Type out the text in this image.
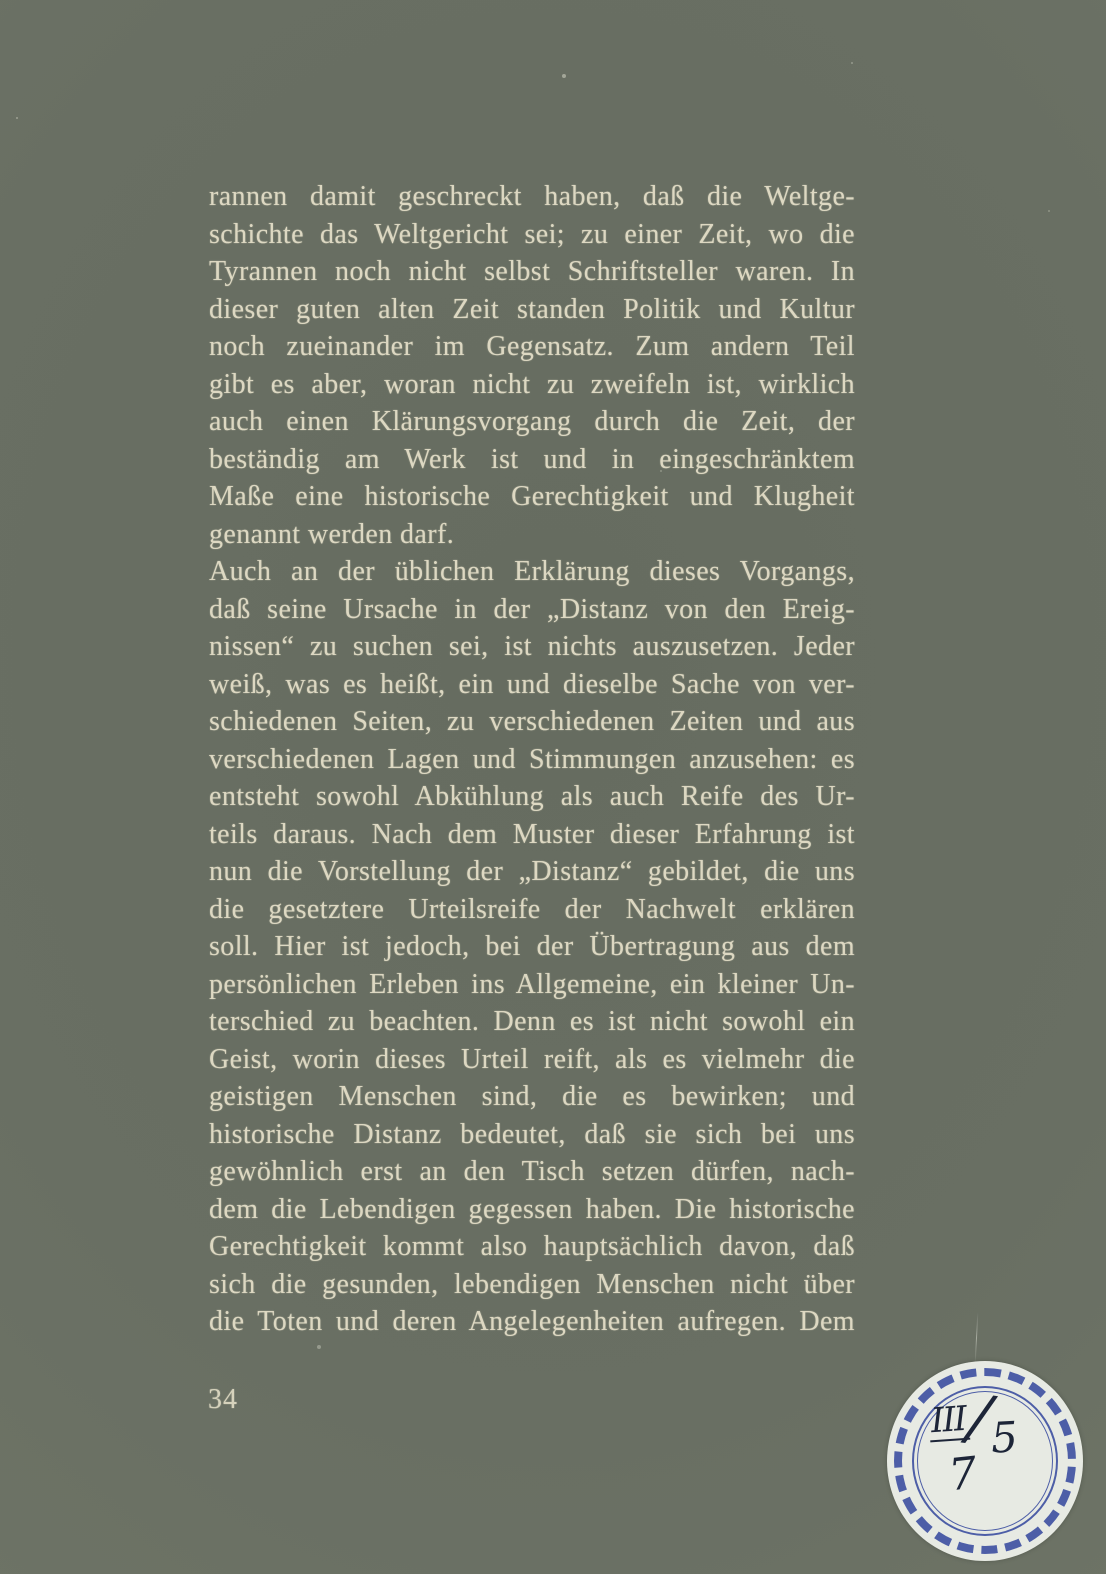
rannen damit geschreckt haben, daß die Weltge-
schichte das Weltgericht sei; zu einer Zeit, wo die
Tyrannen noch nicht selbst Schriftsteller waren. In
dieser guten alten Zeit standen Politik und Kultur
noch zueinander im Gegensatz. Zum andern Teil
gibt es aber, woran nicht zu zweifeln ist, wirklich
auch einen Klärungsvorgang durch die Zeit, der
beständig am Werk ist und in eingeschränktem
Maße eine historische Gerechtigkeit und Klugheit
genannt werden darf.
Auch an der üblichen Erklärung dieses Vorgangs,
daß seine Ursache in der „Distanz von den Ereig-
nissen“ zu suchen sei, ist nichts auszusetzen. Jeder
weiß, was es heißt, ein und dieselbe Sache von ver-
schiedenen Seiten, zu verschiedenen Zeiten und aus
verschiedenen Lagen und Stimmungen anzusehen: es
entsteht sowohl Abkühlung als auch Reife des Ur-
teils daraus. Nach dem Muster dieser Erfahrung ist
nun die Vorstellung der „Distanz“ gebildet, die uns
die gesetztere Urteilsreife der Nachwelt erklären
soll. Hier ist jedoch, bei der Übertragung aus dem
persönlichen Erleben ins Allgemeine, ein kleiner Un-
terschied zu beachten. Denn es ist nicht sowohl ein
Geist, worin dieses Urteil reift, als es vielmehr die
geistigen Menschen sind, die es bewirken; und
historische Distanz bedeutet, daß sie sich bei uns
gewöhnlich erst an den Tisch setzen dürfen, nach-
dem die Lebendigen gegessen haben. Die historische
Gerechtigkeit kommt also hauptsächlich davon, daß
sich die gesunden, lebendigen Menschen nicht über
die Toten und deren Angelegenheiten aufregen. Dem
34	III
/
5
7
